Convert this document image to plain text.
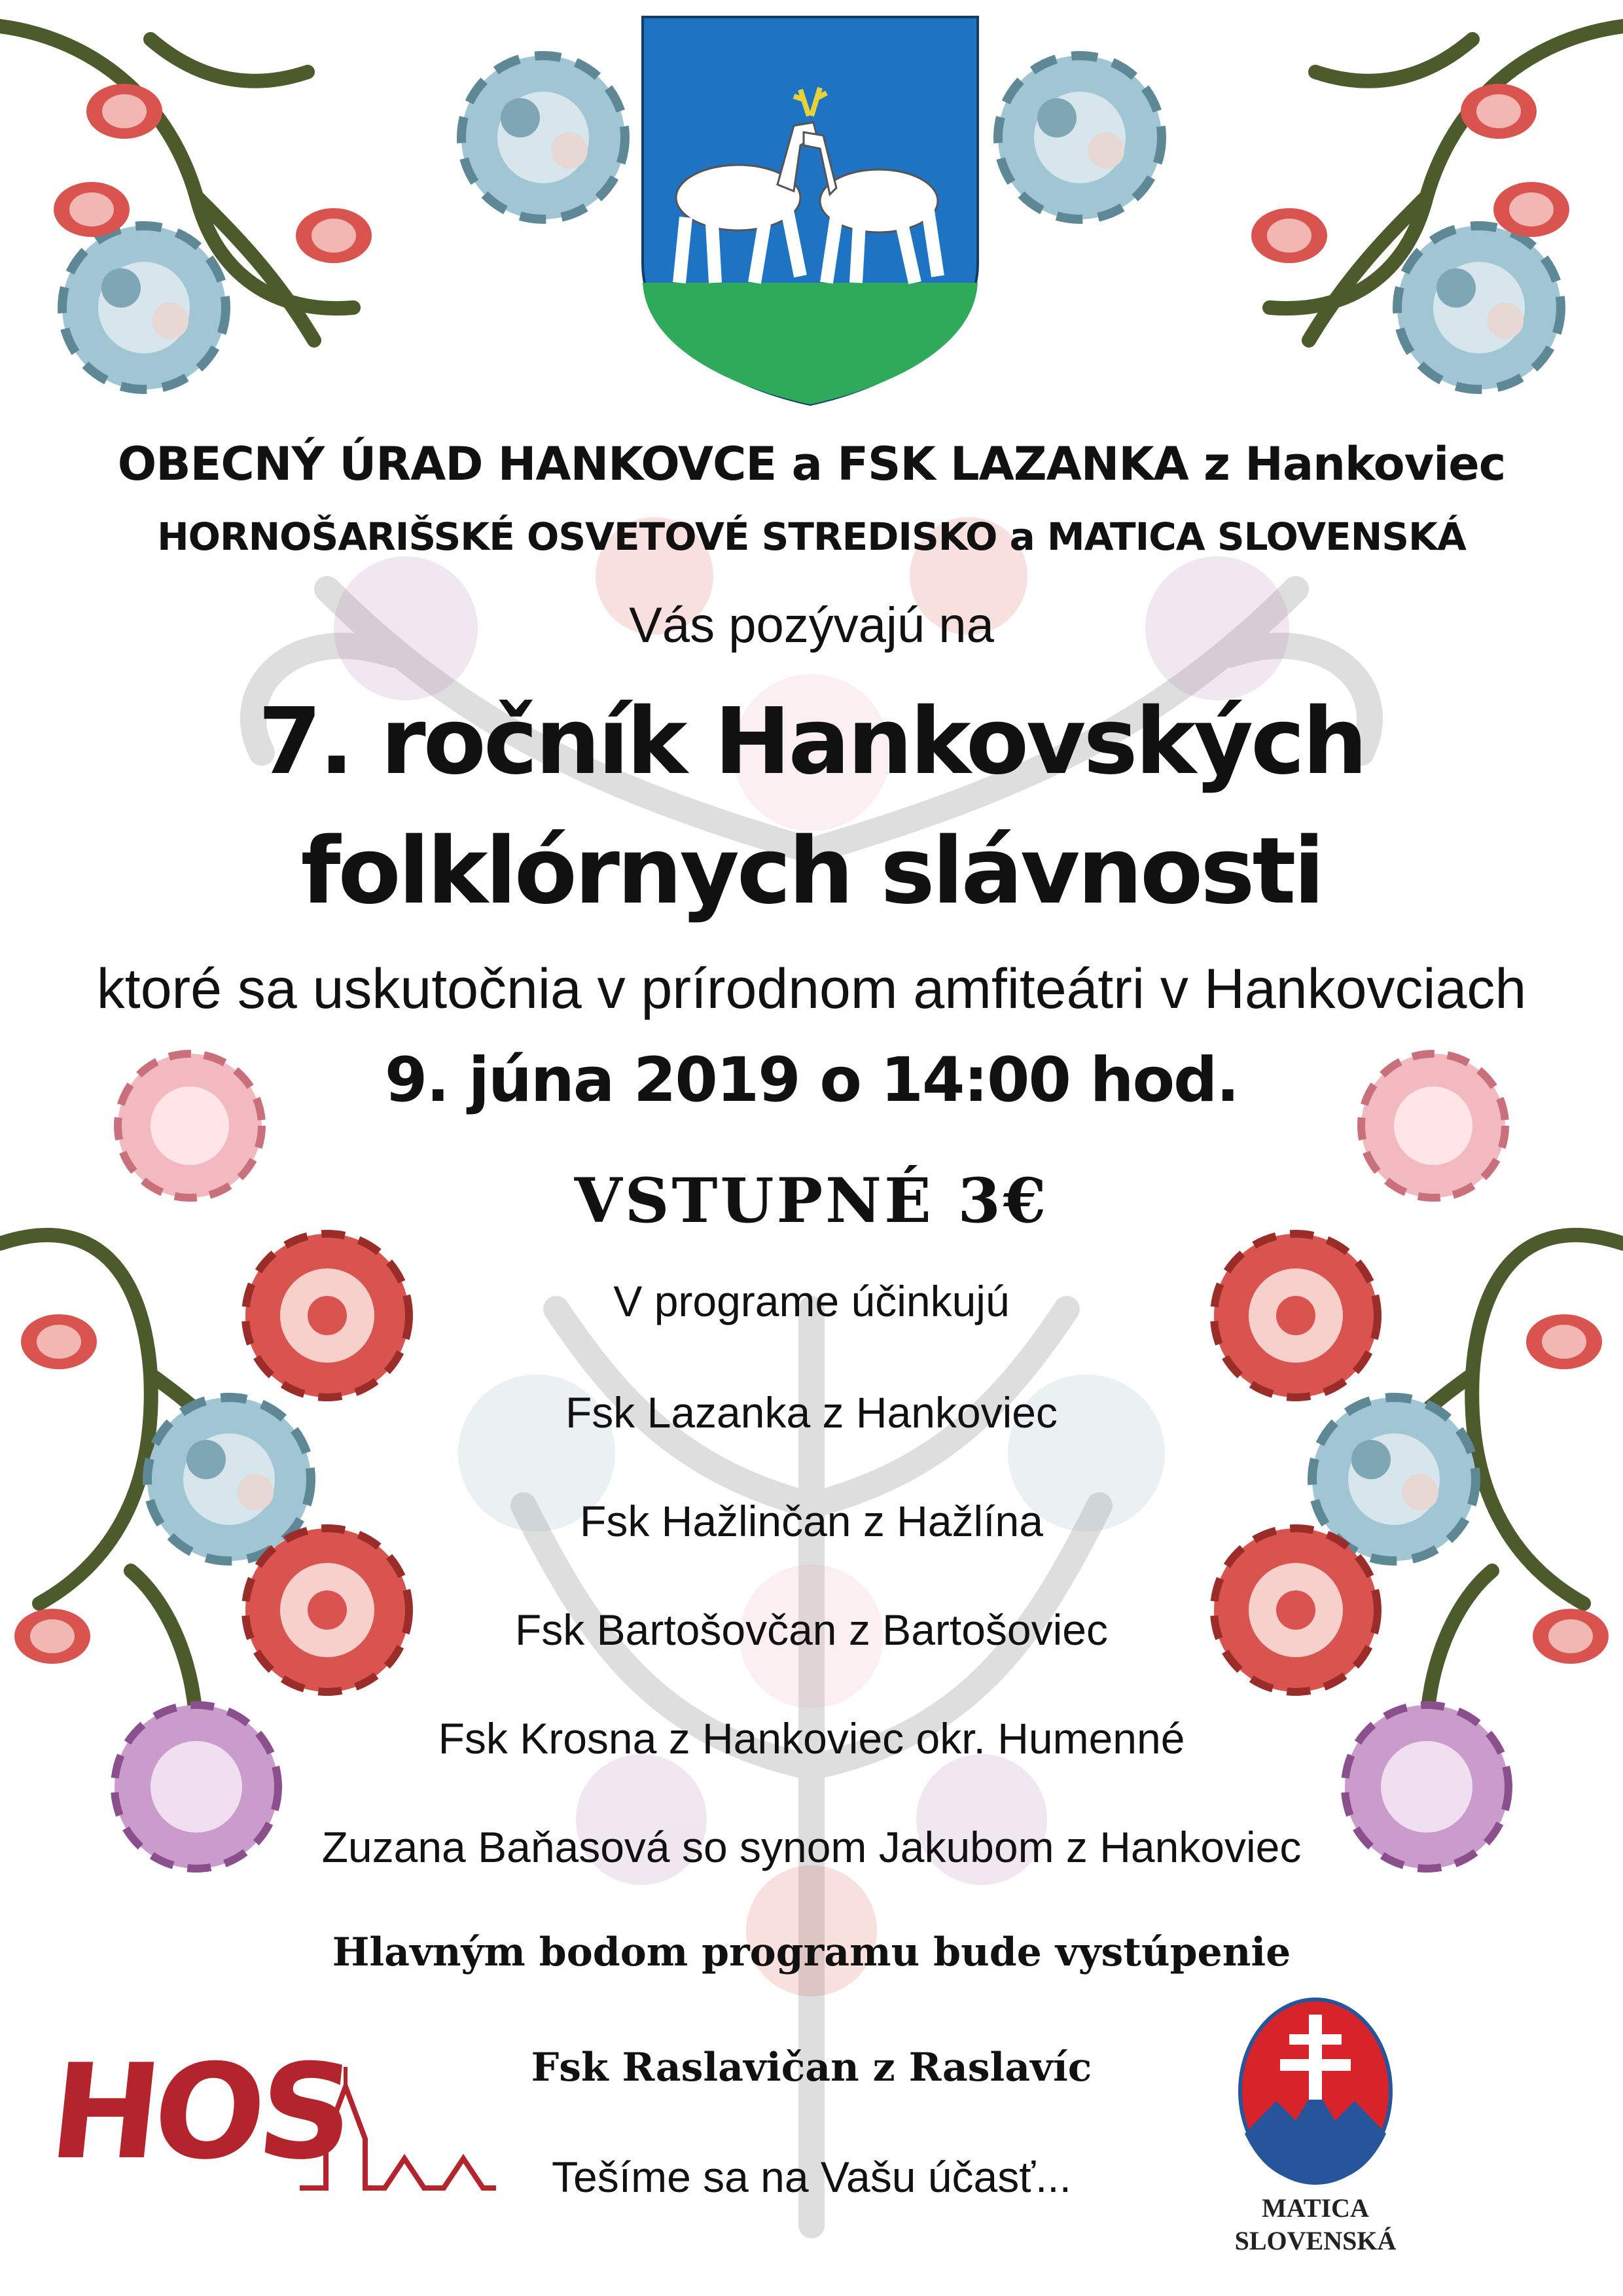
OBECNÝ ÚRAD HANKOVCE a FSK LAZANKA z Hankoviec
HORNOŠARIŠSKÉ OSVETOVÉ STREDISKO a MATICA SLOVENSKÁ
Vás pozývajú na
7. ročník Hankovských
folklórnych slávnosti
ktoré sa uskutočnia v prírodnom amfiteátri v Hankovciach
9. júna 2019 o 14:00 hod.
VSTUPNÉ 3€
V programe účinkujú
Fsk Lazanka z Hankoviec
Fsk Hažlinčan z Hažlína
Fsk Bartošovčan z Bartošoviec
Fsk Krosna z Hankoviec okr. Humenné
Zuzana Baňasová so synom Jakubom z Hankoviec
Hlavným bodom programu bude vystúpenie
Fsk Raslavičan z Raslavíc
Tešíme sa na Vašu účasť...
HOS
MATICA
SLOVENSKÁ
